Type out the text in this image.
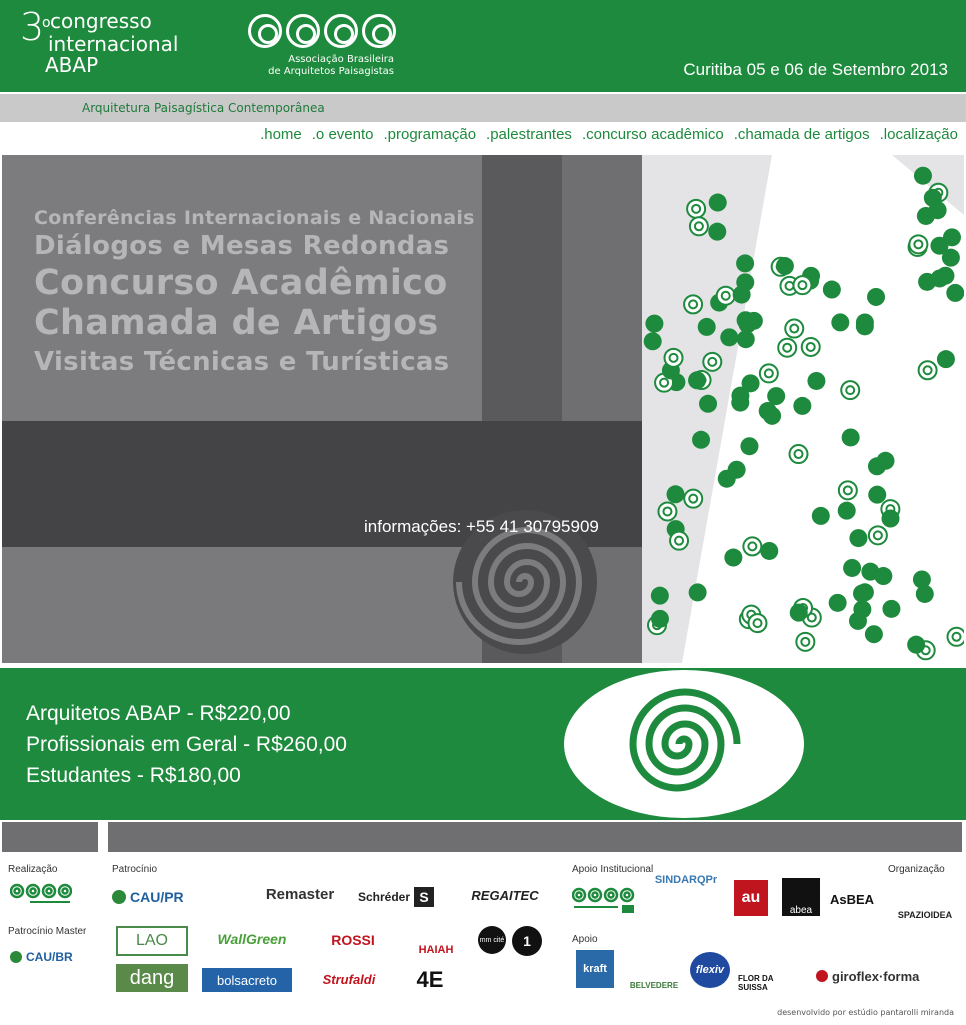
3
o congresso
internacional
ABAP	Associação Brasileira
de Arquitetos Paisagistas	Curitiba 05 e 06 de Setembro 2013
Arquitetura Paisagística Contemporânea
.home .o evento .programação .palestrantes .concurso acadêmico .chamada de artigos .localização
Conferências Internacionais e Nacionais
Diálogos e Mesas Redondas
Concurso Acadêmico
Chamada de Artigos
Visitas Técnicas e Turísticas
informações: +55 41 30795909
Arquitetos ABAP - R$220,00
Profissionais em Geral - R$260,00
Estudantes - R$180,00
Realização	Patrocínio	Apoio Institucional	Organização
Patrocínio Master
Apoio
CAU/PR	Remaster Schréder S	REGAITEC
CAU/BR
LAO	WallGreen	ROSSI
HAIAH
mm cité	1
dang	bolsacreto	Strufaldi	4E
SINDARQPr
au
abea
AsBEA
SPAZIOIDEA
kraft
BELVEDERE
flexiv
FLOR DA SUISSA
giroflex·forma
desenvolvido por estúdio pantarolli miranda
